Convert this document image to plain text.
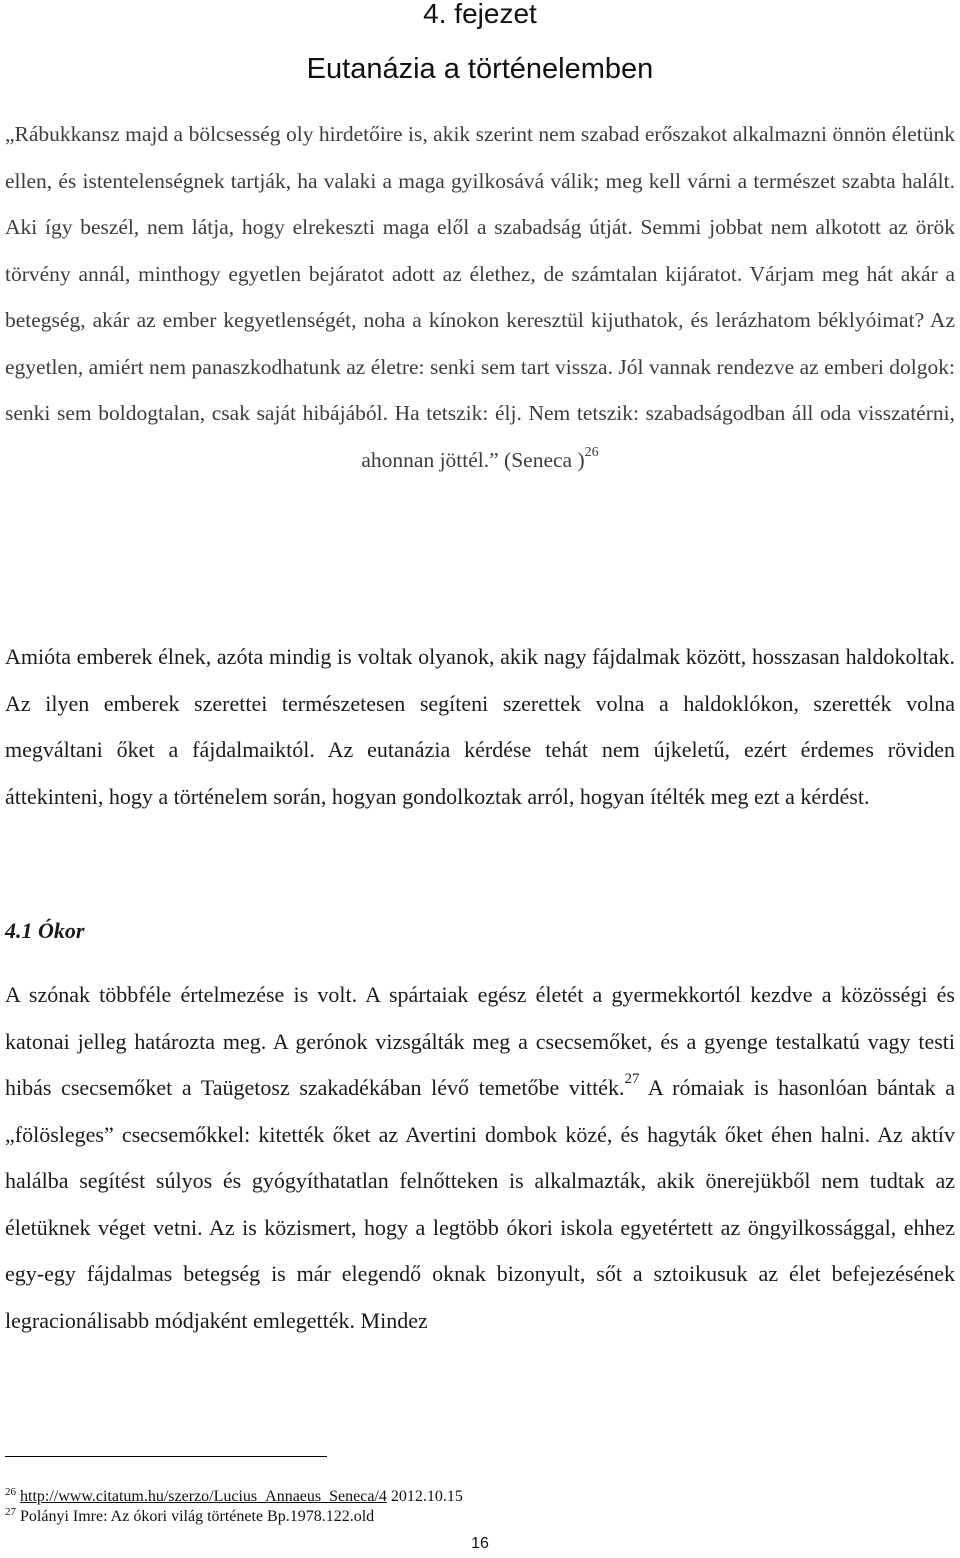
4. fejezet
Eutanázia a történelemben
„Rábukkansz majd a bölcsesség oly hirdetőire is, akik szerint nem szabad erőszakot alkalmazni önnön életünk ellen, és istentelenségnek tartják, ha valaki a maga gyilkosává válik; meg kell várni a természet szabta halált. Aki így beszél, nem látja, hogy elrekeszti maga elől a szabadság útját. Semmi jobbat nem alkotott az örök törvény annál, minthogy egyetlen bejáratot adott az élethez, de számtalan kijáratot. Várjam meg hát akár a betegség, akár az ember kegyetlenségét, noha a kínokon keresztül kijuthatok, és lerázhatom béklyóimat? Az egyetlen, amiért nem panaszkodhatunk az életre: senki sem tart vissza. Jól vannak rendezve az emberi dolgok: senki sem boldogtalan, csak saját hibájából. Ha tetszik: élj. Nem tetszik: szabadságodban áll oda visszatérni, ahonnan jöttél.” (Seneca )$^{26}$
Amióta emberek élnek, azóta mindig is voltak olyanok, akik nagy fájdalmak között, hosszasan haldokoltak. Az ilyen emberek szerettei természetesen segíteni szerettek volna a haldoklókon, szerették volna megváltani őket a fájdalmaiktól. Az eutanázia kérdése tehát nem újkeletű, ezért érdemes röviden áttekinteni, hogy a történelem során, hogyan gondolkoztak arról, hogyan ítélték meg ezt a kérdést.
4.1 Ókor
A szónak többféle értelmezése is volt. A spártaiak egész életét a gyermekkortól kezdve a közösségi és katonai jelleg határozta meg. A gerónok vizsgálták meg a csecsemőket, és a gyenge testalkatú vagy testi hibás csecsemőket a Taügetosz szakadékában lévő temetőbe vitték.$^{27}$ A rómaiak is hasonlóan bántak a „fölösleges” csecsemőkkel: kitették őket az Avertini dombok közé, és hagyták őket éhen halni. Az aktív halálba segítést súlyos és gyógyíthatatlan felnőtteken is alkalmazták, akik önerejükből nem tudtak az életüknek véget vetni. Az is közismert, hogy a legtöbb ókori iskola egyetértett az öngyilkossággal, ehhez egy-egy fájdalmas betegség is már elegendő oknak bizonyult, sőt a sztoikusuk az élet befejezésének legracionálisabb módjaként emlegették. Mindez
$^{26}$ http://www.citatum.hu/szerzo/Lucius_Annaeus_Seneca/4 2012.10.15
$^{27}$ Polányi Imre: Az ókori világ története Bp.1978.122.old
16
